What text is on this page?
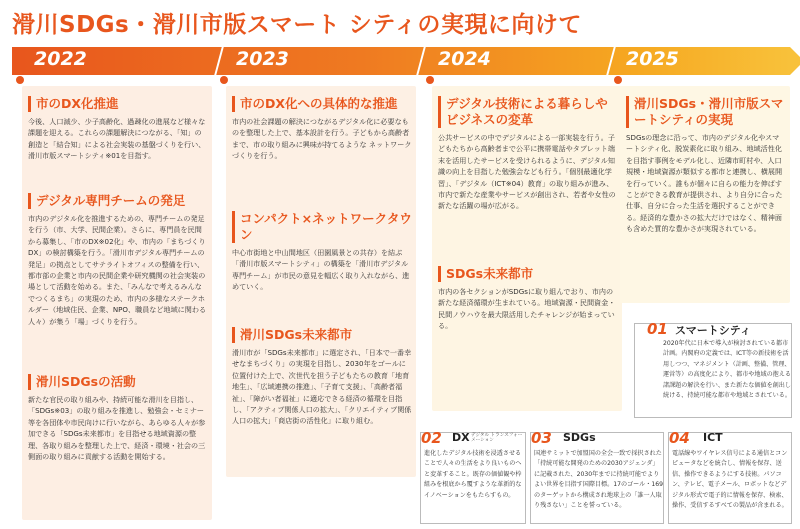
滑川SDGs・滑川市版スマート シティの実現に向けて
2022	2023	2024	2025
市のDX化推進

今後、人口減少、少子高齢化、過疎化の進展など様々な課題を迎える。これらの課題解決につながる、「知」の創造と「結合知」による社会実装の基盤づくりを行い、滑川市版スマートシティ※01を目指す。

デジタル専門チームの発足

市内のデジタル化を推進するための、専門チームの発足を行う（市、大学、民間企業）。さらに、専門員を民間から募集し、「市のDX※02化」や、市内の「まちづくりDX」の検討構築を行う。「滑川市デジタル専門チームの発足」の拠点としてサテライトオフィスの整備を行い、都市部の企業と市内の民間企業や研究機関の社会実装の場として活動を始める。また、「みんなで考えるみんなでつくるまち」の実現のため、市内の多様なステークホルダー（地域住民、企業、NPO、職員など地域に関わる人々）が集う「場」づくりを行う。

滑川SDGsの活動

新たな官民の取り組みや、持続可能な滑川を目指し、「SDGs※03」の取り組みを推進し、勉強会・セミナー等を各団体や市民向けに行いながら、あらゆる人々が参加できる「SDGs未来都市」を目指せる地域資源の整理、各取り組みを整理した上で、経済・環境・社会の三側面の取り組みに貢献する活動を開始する。

市のDX化への具体的な推進

市内の社会課題の解決につながるデジタル化に必要なものを整理した上で、基本設計を行う。子どもから高齢者まで、市の取り組みに興味が持てるような ネットワークづくりを行う。

コンパクト×ネットワークタウン

中心市街地と中山間地区（田園風景との共存）を結ぶ「滑川市版スマートシティ」の構築を「滑川市デジタル専門チーム」が市民の意見を幅広く取り入れながら、進めていく。

滑川SDGs未来都市

滑川市が「SDGs未来都市」に選定され、「日本で一番幸せなまちづくり」の実現を目指し、2030年をゴールに位置付けた上で、次世代を担う子どもたちの教育「地育地生」、「広域連携の推進」、「子育て支援」、「高齢者福祉」、「障がい者福祉」に適応できる経済の循環を目指し、「アクティブ関係人口の拡大」、「クリエイティブ関係人口の拡大」「商店街の活性化」に取り組む。

デジタル技術による暮らしやビジネスの変革

公共サービスの中でデジタルによる一部実装を行う。子どもたちから高齢者まで公平に携帯電話やタブレット端末を活用したサービスを受けられるように、デジタル知識の向上を目指した勉強会なども行う。「個別最適化学習」、「デジタル（ICT※04）教育」の取り組みが進み、市内で新たな産業やサービスが創出され、若者や女性の新たな活躍の場が広がる。

SDGs未来都市

市内の各セクションがSDGsに取り組んでおり、市内の新たな経済循環が生まれている。地域資源・民間資金・民間ノウハウを最大限活用したチャレンジが始まっている。

滑川SDGs・滑川市版スマートシティの実現

SDGsの理念に沿って、市内のデジタル化やスマートシティ化、脱炭素化に取り組み、地域活性化を目指す事例をモデル化し、近隣市町村や、人口規模・地域資源が類似する都市と連携し、横展開を行っていく。誰もが個々に自らの能力を伸ばすことができる教育が提供され、より自分に合った仕事、自分に合った生活を選択することができる。経済的な豊かさの拡大だけではなく、精神面も含めた質的な豊かさが実現されている。

01 スマートシティ

2020年代に日本で導入が検討されている都市計画。内閣府の定義では、ICT等の新技術を活用しつつ、マネジメント（計画、整備、管理、運営等）の高度化により、都市や地域の抱える諸課題の解決を行い、また新たな価値を創出し続ける、持続可能な都市や地域とされている。

02 DX デジタル トランスフォーメーション

進化したデジタル技術を浸透させることで人々の生活をより良いものへと変革すること。既存の価値観や枠組みを根底から覆すような革新的なイノベーションをもたらすもの。

03 SDGs

国連サミットで加盟国の全会一致で採択された「持続可能な開発のための2030アジェンダ」に記載された、2030年までに持続可能でよりよい世界を目指す国際目標。17のゴール・169のターゲットから構成され地球上の「誰一人取り残さない」ことを誓っている。

04 ICT

電話線やワイヤレス信号による通信とコンピュータなどを統合し、情報を保存、送信、操作できるようにする技術。パソコン、テレビ、電子メール、ロボットなどデジタル形式で電子的に情報を保存、検索、操作、受信するすべての製品が含まれる。
